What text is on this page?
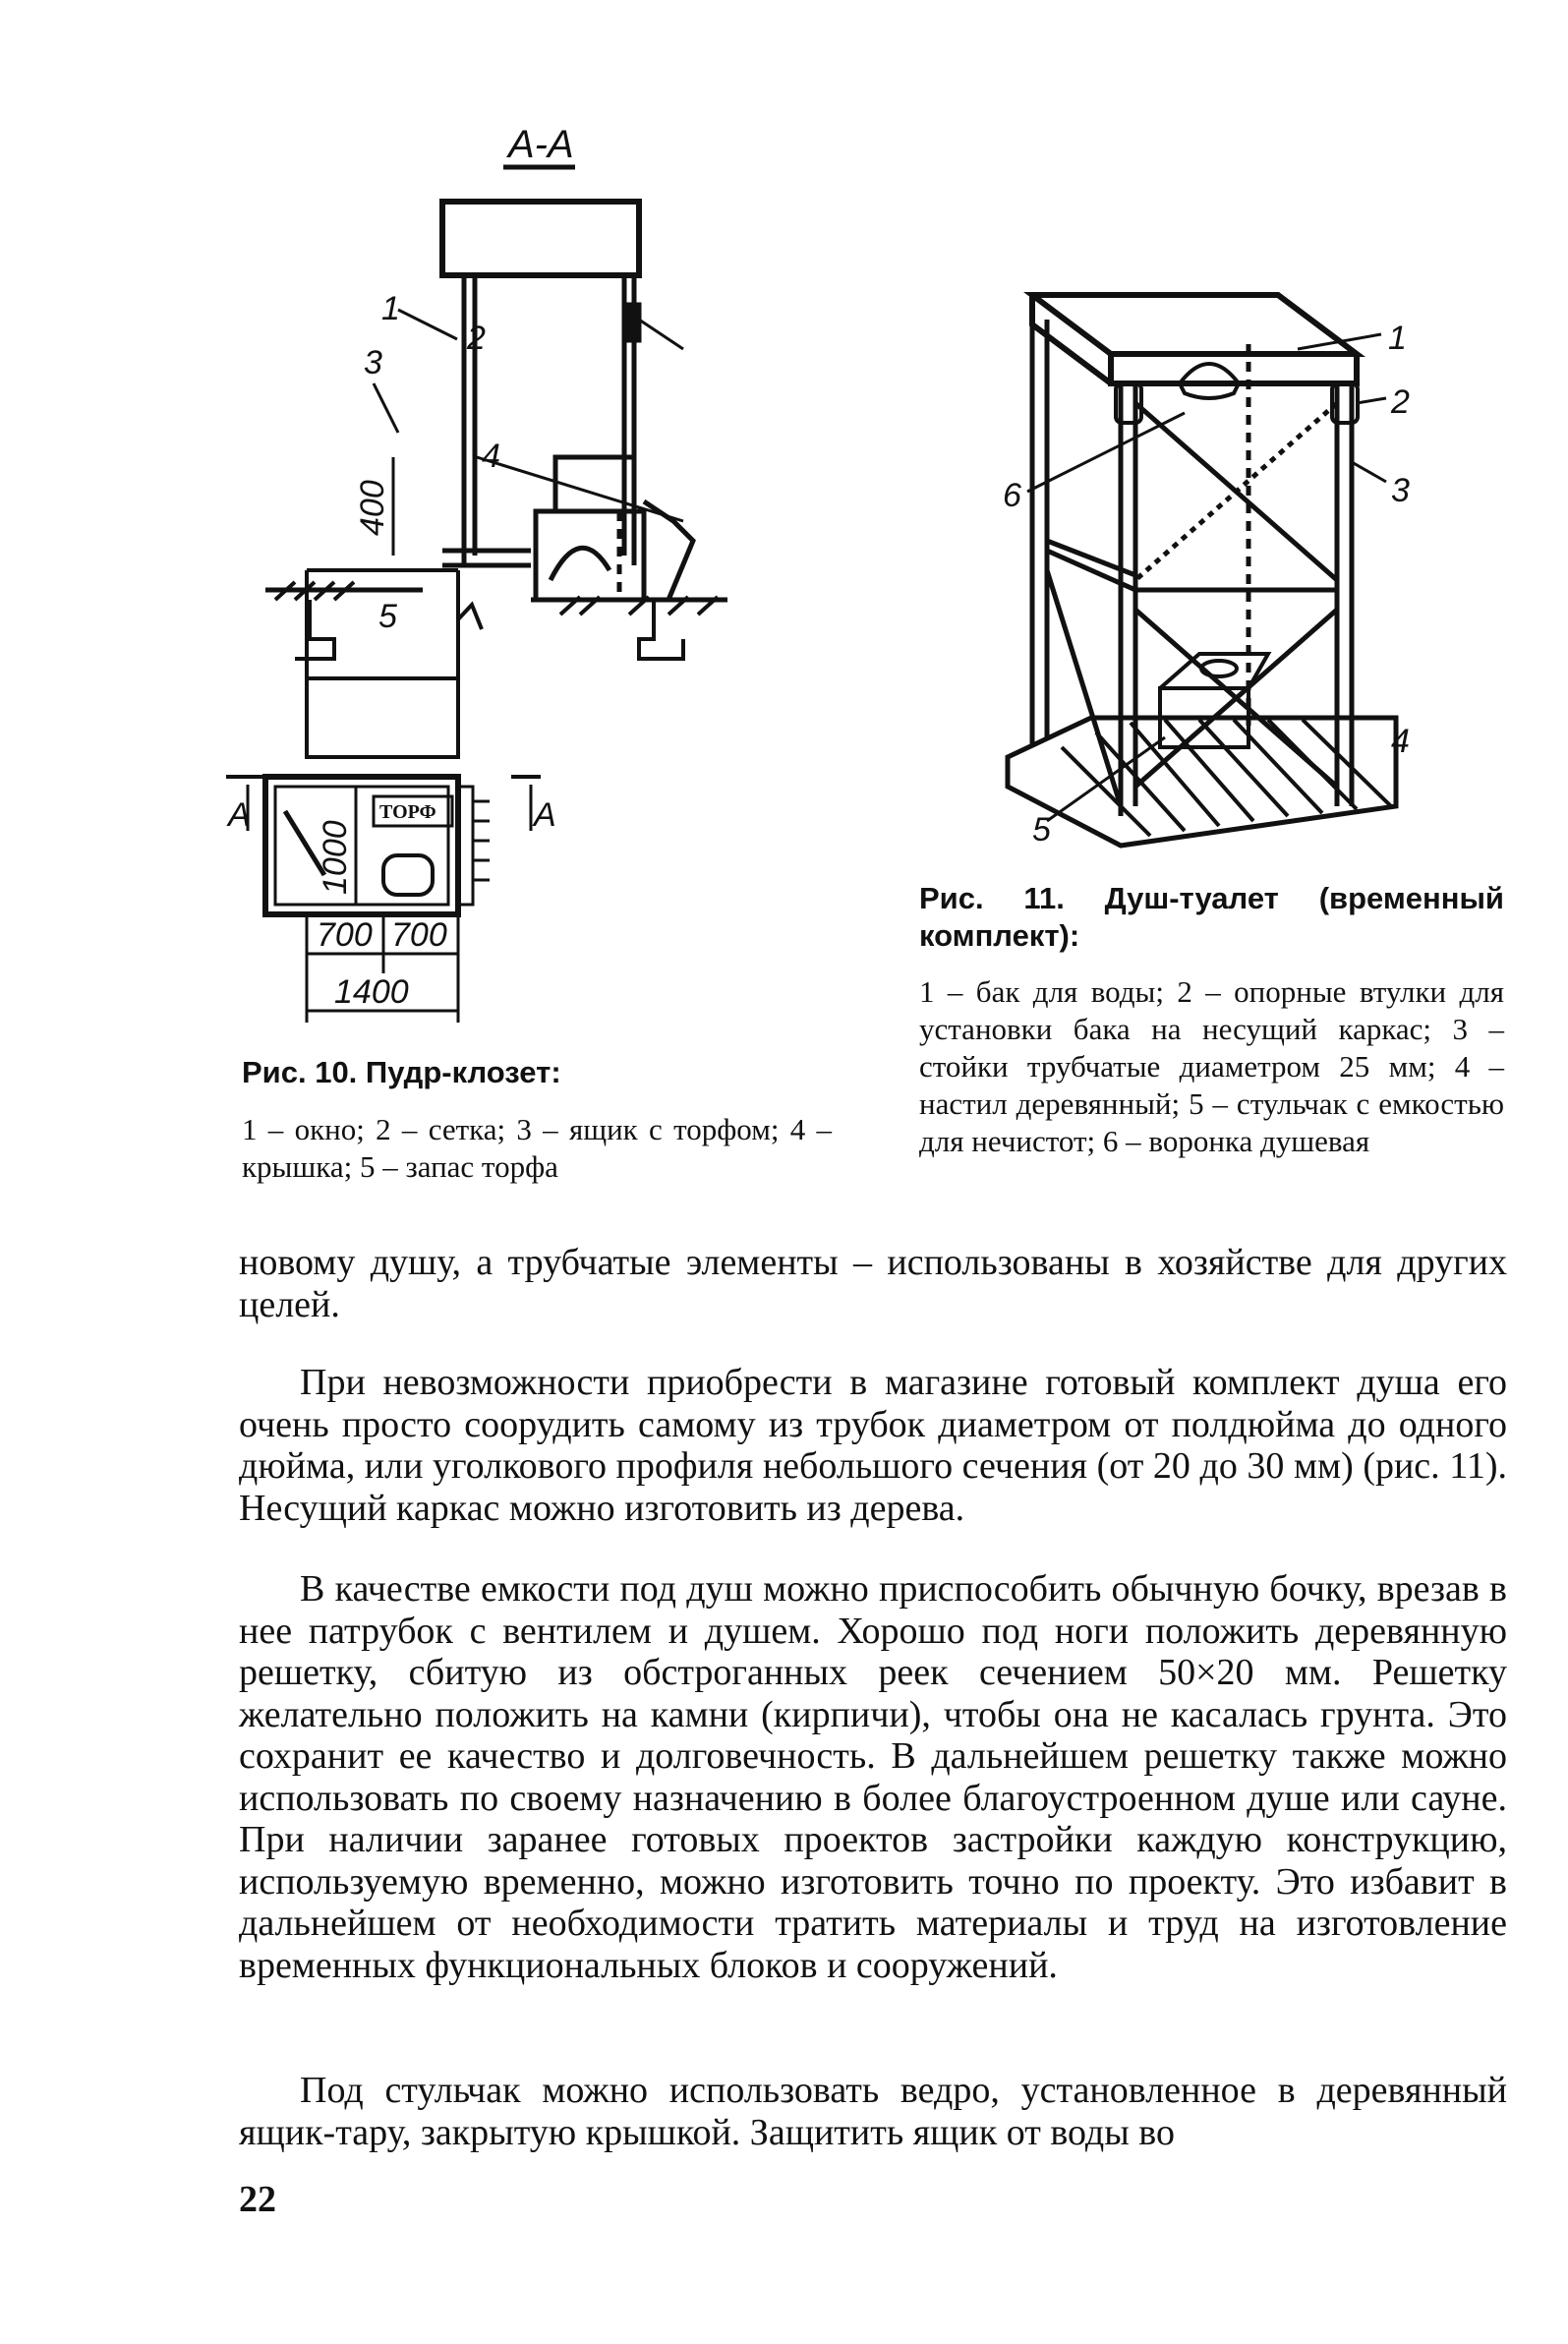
А-А
400
1
2
3
4
ТОРФ
1000
5
А	А
700 700
1400
1
2
3
4
5
6
Рис. 10. Пудр-клозет:
1 – окно; 2 – сетка; 3 – ящик с торфом; 4 – крышка; 5 – запас торфа
Рис. 11. Душ-туалет (временный комплект):
1 – бак для воды; 2 – опорные втулки для установки бака на несущий каркас; 3 – стойки трубчатые диаметром 25 мм; 4 – настил деревянный; 5 – стульчак с емкостью для нечистот; 6 – воронка душевая

новому душу, а трубчатые элементы – использованы в хозяйстве для других целей.

При невозможности приобрести в магазине готовый комплект душа его очень просто соорудить самому из трубок диаметром от полдюйма до одного дюйма, или уголкового профиля небольшого сечения (от 20 до 30 мм) (рис. 11). Несущий каркас можно изготовить из дерева.

В качестве емкости под душ можно приспособить обычную бочку, врезав в нее патрубок с вентилем и душем. Хорошо под ноги положить деревянную решетку, сбитую из обстроганных реек сечением 50×20 мм. Решетку желательно положить на камни (кирпичи), чтобы она не касалась грунта. Это сохранит ее качество и долговечность. В дальнейшем решетку также можно использовать по своему назначению в более благоустроенном душе или сауне. При наличии заранее готовых проектов застройки каждую конструкцию, используемую временно, можно изготовить точно по проекту. Это избавит в дальнейшем от необходимости тратить материалы и труд на изготовление временных функциональных блоков и сооружений.

Под стульчак можно использовать ведро, установленное в деревянный ящик-тару, закрытую крышкой. Защитить ящик от воды во

22
